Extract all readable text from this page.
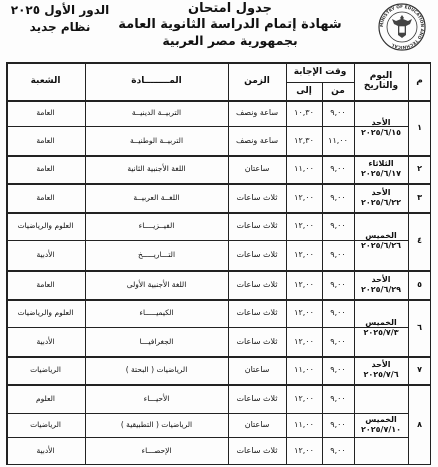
الدور الأول ٢٠٢٥
نظام جديد
جدول امتحان
شهادة إتمام الدراسة الثانوية العامة
بجمهورية مصر العربية
MINISTRY OF EDUCATION AND TECHNICAL
م
اليوم والتاريخ
وقت الإجابة
من
إلى
الزمن
المــــــــادة
الشعبة
٩,٠٠
١٠,٣٠
ساعة ونصف
التربيــة الدينيــة
العامة
١١,٠٠
١٢,٣٠
ساعة ونصف
التربيــة الوطنيــة
العامة
٩,٠٠
١١,٠٠
ساعتان
اللغة الأجنبية الثانية
العامة
٩,٠٠
١٢,٠٠
ثلاث ساعات
اللغــة العربيــة
العامة
٩,٠٠
١٢,٠٠
ثلاث ساعات
الفيــزيــــاء
العلوم والرياضيات
٩,٠٠
١٢,٠٠
ثلاث ساعات
التـــاريـــــخ
الأدبية
٩,٠٠
١٢,٠٠
ثلاث ساعات
اللغة الأجنبية الأولى
العامة
٩,٠٠
١٢,٠٠
ثلاث ساعات
الكيميـــــاء
العلوم والرياضيات
٩,٠٠
١٢,٠٠
ثلاث ساعات
الجغرافيـــا
الأدبية
٩,٠٠
١١,٠٠
ساعتان
الرياضيات ( البحتة )
الرياضيات
٩,٠٠
١٢,٠٠
ثلاث ساعات
الأحيـــاء
العلوم
٩,٠٠
١١,٠٠
ساعتان
الرياضيات ( التطبيقية )
الرياضيات
٩,٠٠
١٢,٠٠
ثلاث ساعات
الإحصـــاء
الأدبية
١
الأحد
٢٠٢٥/٦/١٥
٢
الثلاثاء
٢٠٢٥/٦/١٧
٣
الأحد
٢٠٢٥/٦/٢٢
٤
الخميس
٢٠٢٥/٦/٢٦
٥
الأحد
٢٠٢٥/٦/٢٩
٦
الخميس
٢٠٢٥/٧/٣
٧
الأحد
٢٠٢٥/٧/٦
٨
الخميس
٢٠٢٥/٧/١٠
